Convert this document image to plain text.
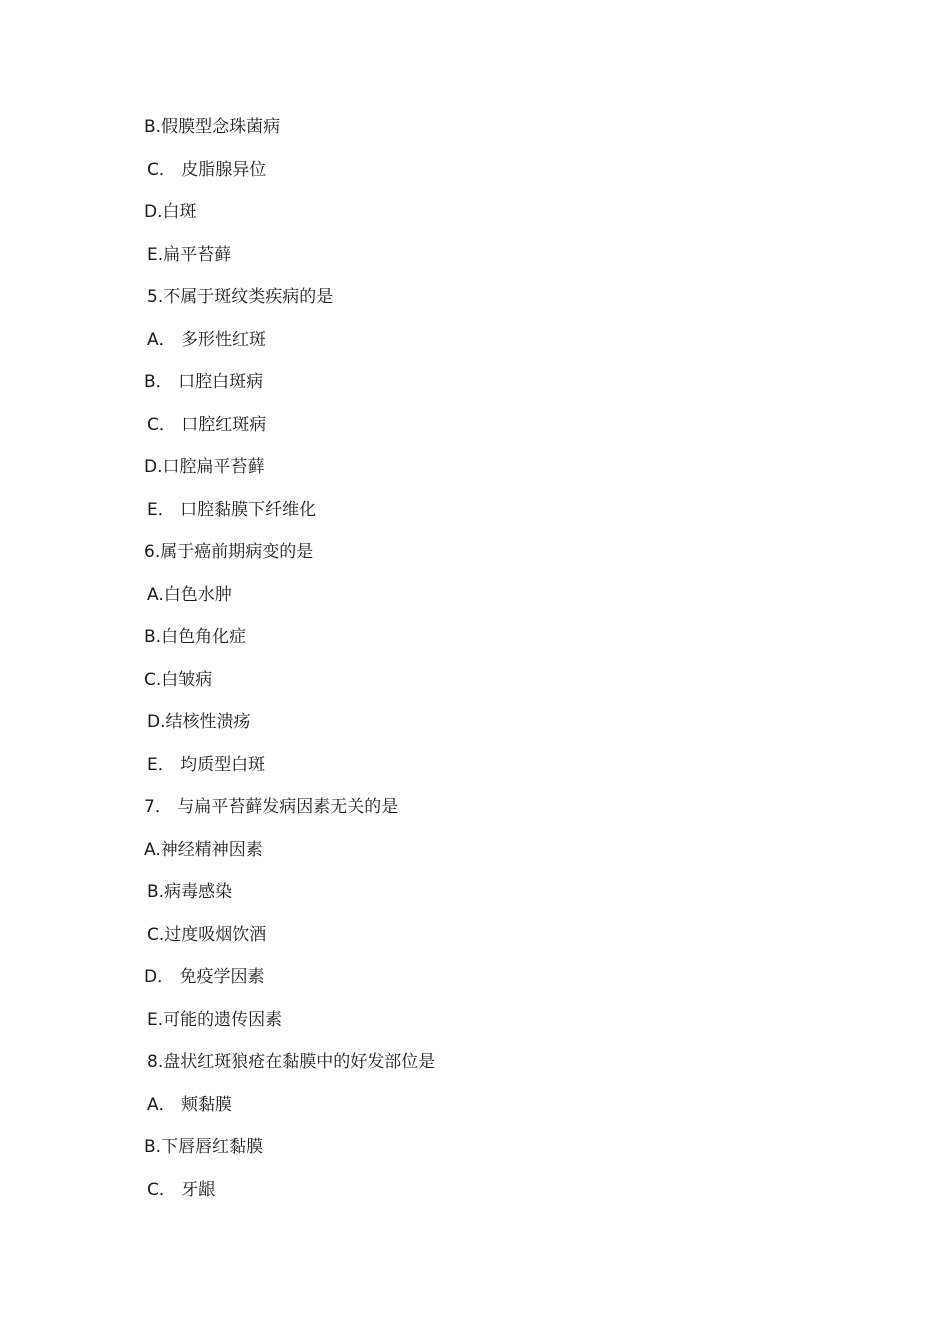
B.假膜型念珠菌病
C． 皮脂腺异位
D.白斑
E.扁平苔藓
5.不属于斑纹类疾病的是
A． 多形性红斑
B． 口腔白斑病
C． 口腔红斑病
D.口腔扁平苔藓
E． 口腔黏膜下纤维化
6.属于癌前期病变的是
A.白色水肿
B.白色角化症
C.白皱病
D.结核性溃疡
E． 均质型白斑
7． 与扁平苔藓发病因素无关的是
A.神经精神因素
B.病毒感染
C.过度吸烟饮酒
D． 免疫学因素
E.可能的遗传因素
8.盘状红斑狼疮在黏膜中的好发部位是
A． 颊黏膜
B.下唇唇红黏膜
C． 牙龈
